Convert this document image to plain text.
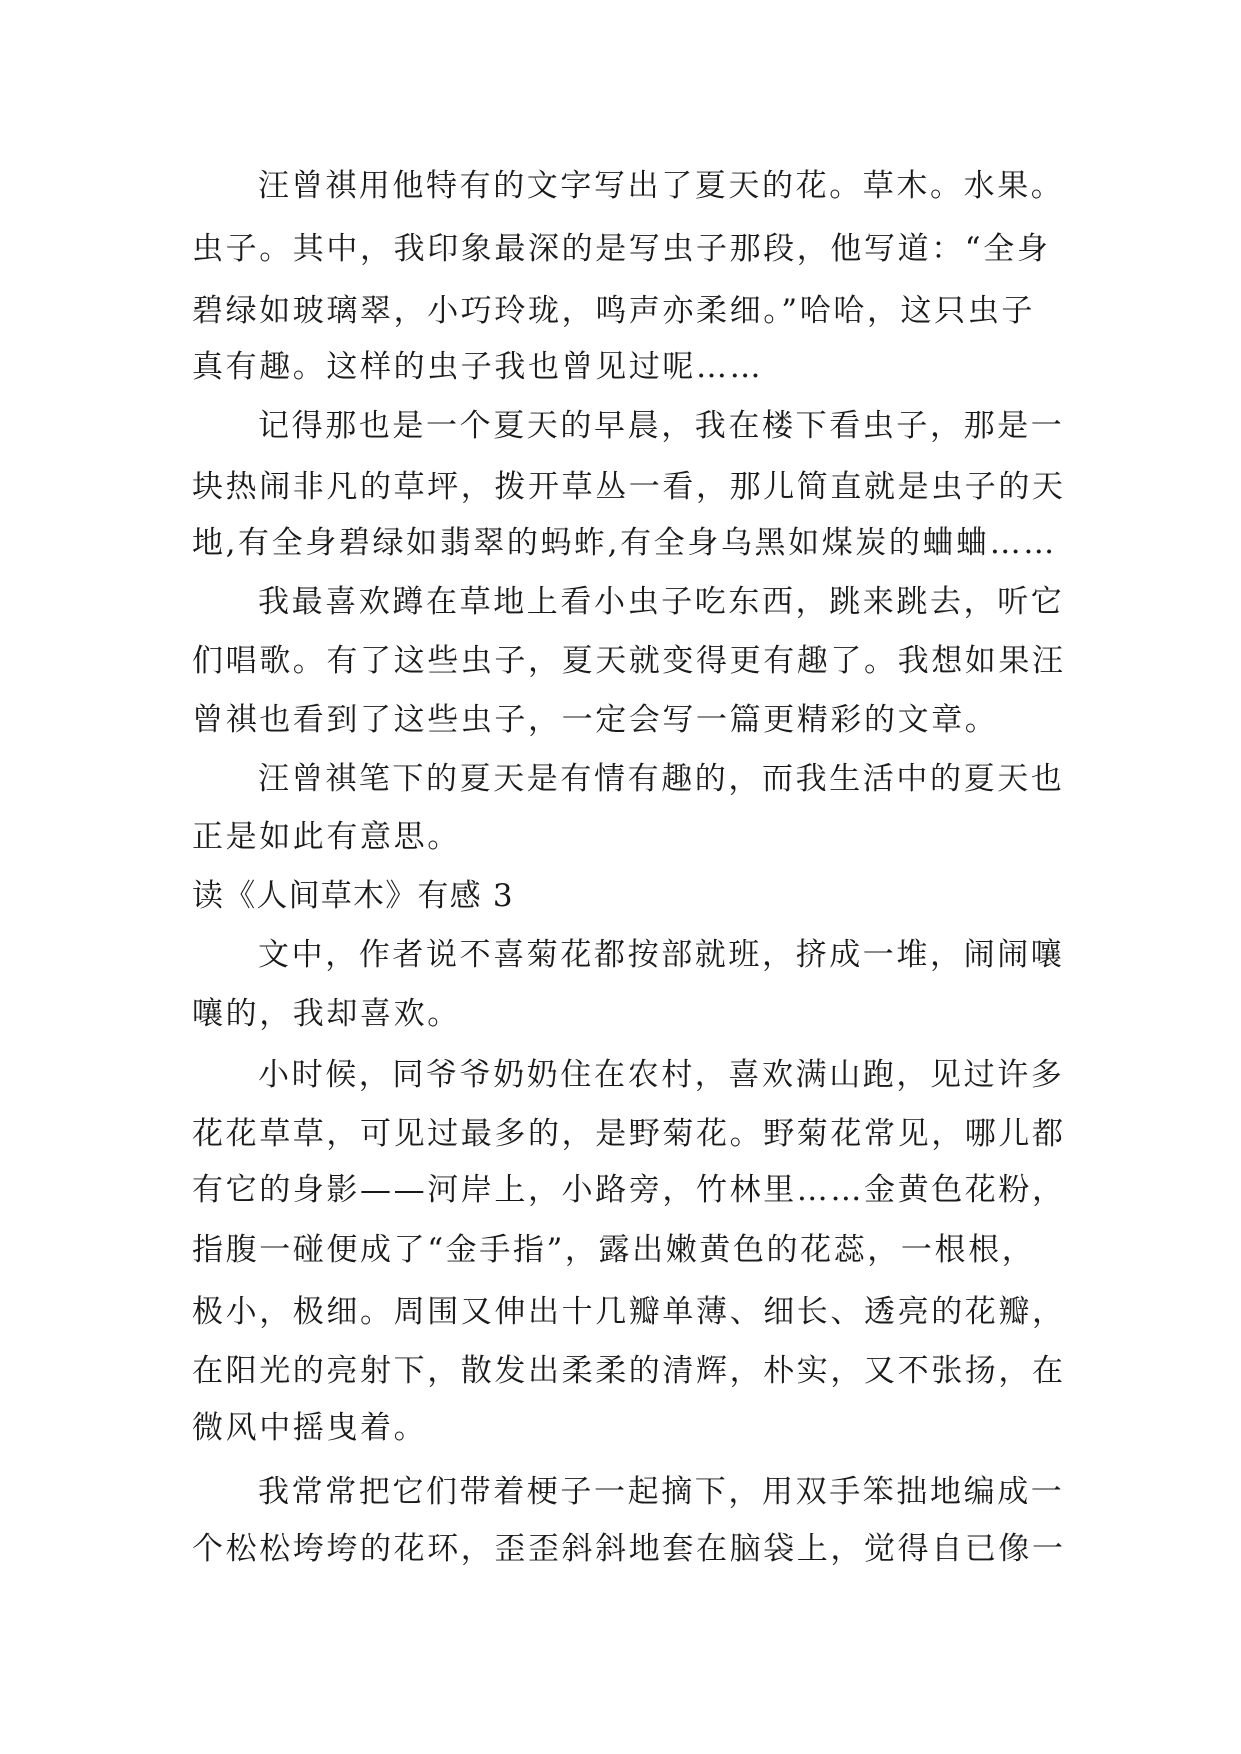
汪曾祺用他特有的文字写出了夏天的花。草木。水果。
虫子。其中，我印象最深的是写虫子那段，他写道：“全身
碧绿如玻璃翠，小巧玲珑，鸣声亦柔细。”哈哈，这只虫子
真有趣。这样的虫子我也曾见过呢……
记得那也是一个夏天的早晨，我在楼下看虫子，那是一
块热闹非凡的草坪，拨开草丛一看，那儿简直就是虫子的天
地,有全身碧绿如翡翠的蚂蚱,有全身乌黑如煤炭的蛐蛐……
我最喜欢蹲在草地上看小虫子吃东西，跳来跳去，听它
们唱歌。有了这些虫子，夏天就变得更有趣了。我想如果汪
曾祺也看到了这些虫子，一定会写一篇更精彩的文章。
汪曾祺笔下的夏天是有情有趣的，而我生活中的夏天也
正是如此有意思。
读《人间草木》有感 3
文中，作者说不喜菊花都按部就班，挤成一堆，闹闹嚷
嚷的，我却喜欢。
小时候，同爷爷奶奶住在农村，喜欢满山跑，见过许多
花花草草，可见过最多的，是野菊花。野菊花常见，哪儿都
有它的身影——河岸上，小路旁，竹林里……金黄色花粉，
指腹一碰便成了“金手指”，露出嫩黄色的花蕊，一根根，
极小，极细。周围又伸出十几瓣单薄、细长、透亮的花瓣，
在阳光的亮射下，散发出柔柔的清辉，朴实，又不张扬，在
微风中摇曳着。
我常常把它们带着梗子一起摘下，用双手笨拙地编成一
个松松垮垮的花环，歪歪斜斜地套在脑袋上，觉得自已像一
